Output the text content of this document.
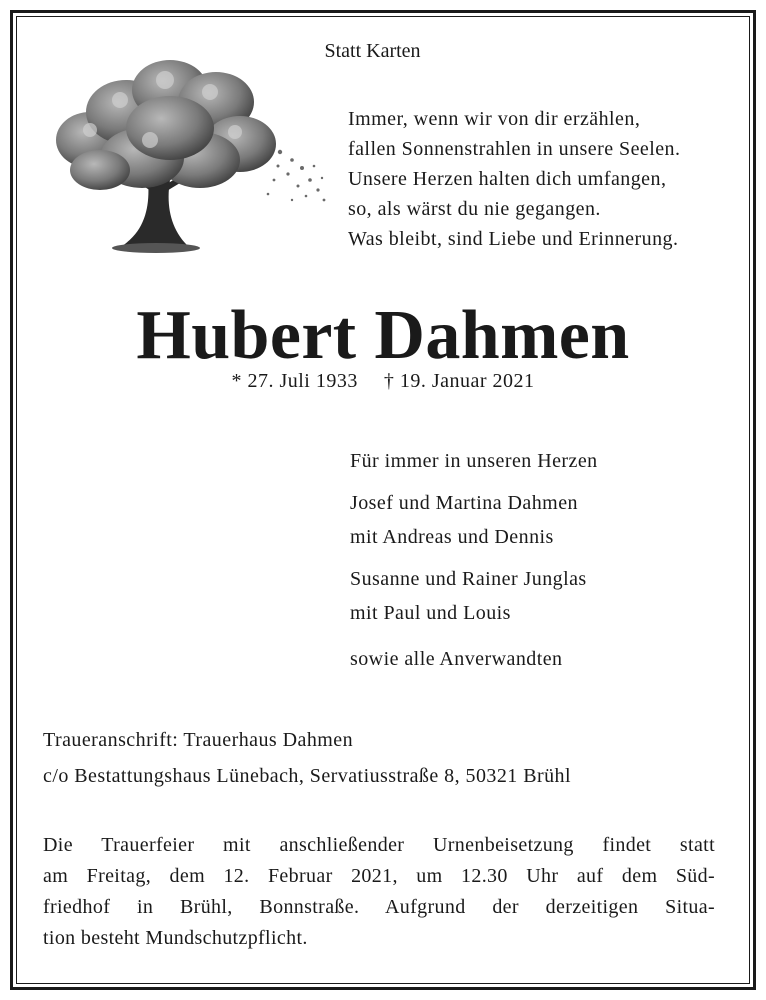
Statt Karten
Immer, wenn wir von dir erzählen,
fallen Sonnenstrahlen in unsere Seelen.
Unsere Herzen halten dich umfangen,
so, als wärst du nie gegangen.
Was bleibt, sind Liebe und Erinnerung.
Hubert Dahmen
* 27. Juli 1933 † 19. Januar 2021
Für immer in unseren Herzen
Josef und Martina Dahmen
mit Andreas und Dennis
Susanne und Rainer Junglas
mit Paul und Louis
sowie alle Anverwandten
Traueranschrift: Trauerhaus Dahmen
c/o Bestattungshaus Lünebach, Servatiusstraße 8, 50321 Brühl
Die Trauerfeier mit anschließender Urnenbeisetzung findet statt
am Freitag, dem 12. Februar 2021, um 12.30 Uhr auf dem Süd-
friedhof in Brühl, Bonnstraße. Aufgrund der derzeitigen Situa-
tion besteht Mundschutzpflicht.
